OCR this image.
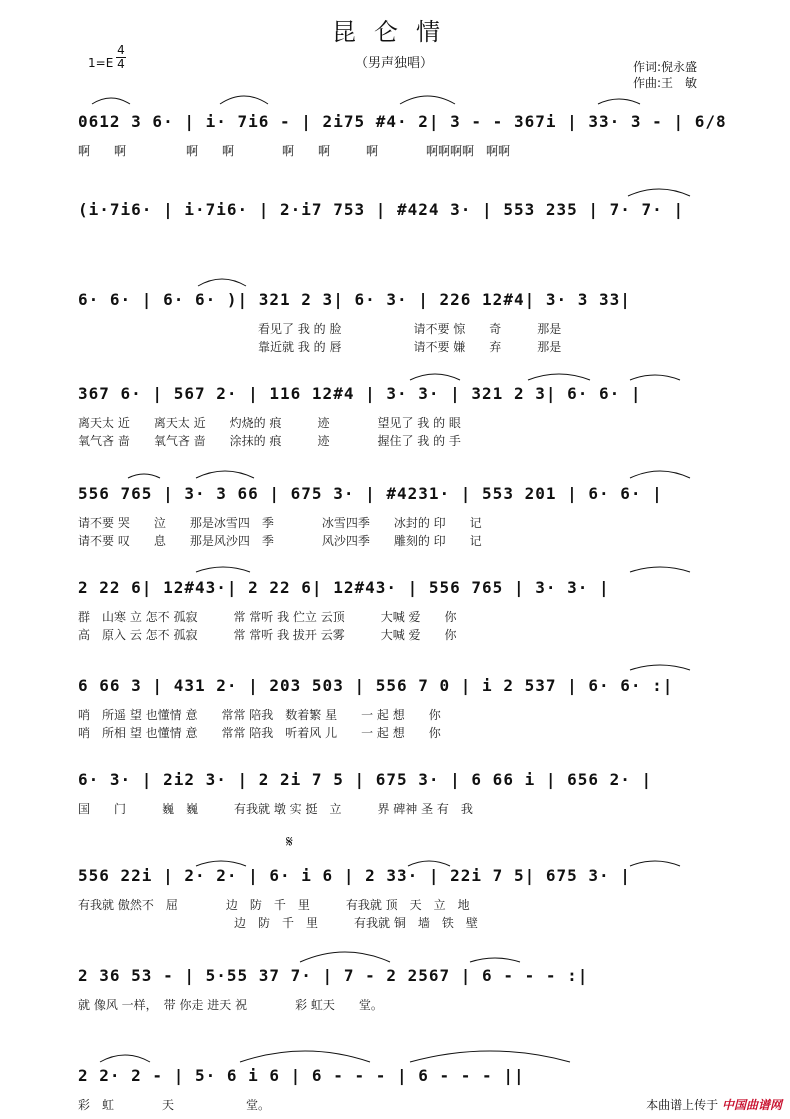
昆仑情
（男声独唱）
1=E
4
4	作词:倪永盛
作曲:王　敏
0612 3 6· | i· 7i6 - | 2i75 #4· 2| 3 - - 367i | 33· 3 - | 6/8
啊　　啊　　　　　啊　　啊　　　　啊　　啊　　　啊　　　　啊啊啊啊　啊啊
(i·7i6· | i·7i6· | 2·i7 753 | #424 3· | 553 235 | 7· 7· |
6· 6· | 6· 6· )| 321 2 3| 6· 3· | 226 12#4| 3· 3 33|
　　　　　　　　　　　　　　　看见了 我 的 脸　　　　　　请不要 惊　　奇　　　那是
　　　　　　　　　　　　　　　靠近就 我 的 唇　　　　　　请不要 嫌　　弃　　　那是
367 6· | 567 2· | 116 12#4 | 3· 3· | 321 2 3| 6· 6· |
离天太 近　　离天太 近　　灼烧的 痕　　　迹　　　　望见了 我 的 眼
氧气吝 啬　　氧气吝 啬　　涂抹的 痕　　　迹　　　　握住了 我 的 手
556 765 | 3· 3 66 | 675 3· | #4231· | 553 201 | 6· 6· |
请不要 哭　　泣　　那是冰雪四　季　　　　冰雪四季　　冰封的 印　　记
请不要 叹　　息　　那是风沙四　季　　　　风沙四季　　雕刻的 印　　记
2 22 6| 12#43·| 2 22 6| 12#43· | 556 765 | 3· 3· |
群　山寒 立 怎不 孤寂　　　常 常听 我 伫立 云顶　　　大喊 爱　　你
高　原入 云 怎不 孤寂　　　常 常听 我 拔开 云雾　　　大喊 爱　　你
6 66 3 | 431 2· | 203 503 | 556 7 0 | i 2 537 | 6· 6· :|
哨　所遥 望 也懂情 意　　常常 陪我　数着繁 星　　一 起 想　　你
哨　所相 望 也懂情 意　　常常 陪我　听着风 儿　　一 起 想　　你
6· 3· | 2i2 3· | 2 2i 7 5 | 675 3· | 6 66 i | 656 2· |
国　　门　　　巍　巍　　　有我就 墩 实 挺　立　　　界 碑神 圣 有　我
556 22i | 2· 2· | 6· i 6 | 2 33· | 22i 7 5| 675 3· |
有我就 傲然不　屈　　　　边　防　千　里　　　有我就 顶　天　立　地
　　　　　　　　　　　　　边　防　千　里　　　有我就 铜　墙　铁　壁
2 36 53 - | 5·55 37 7· | 7 - 2 2567 | 6 - - - :|
就 像风 一样，　带 你走 进天 祝　　　　彩 虹天　　堂。
2 2· 2 - | 5· 6 i 6 | 6 - - - | 6 - - - ||
彩　虹　　　　天　　　　　　堂。
𝄋
本曲谱上传于 中国曲谱网
